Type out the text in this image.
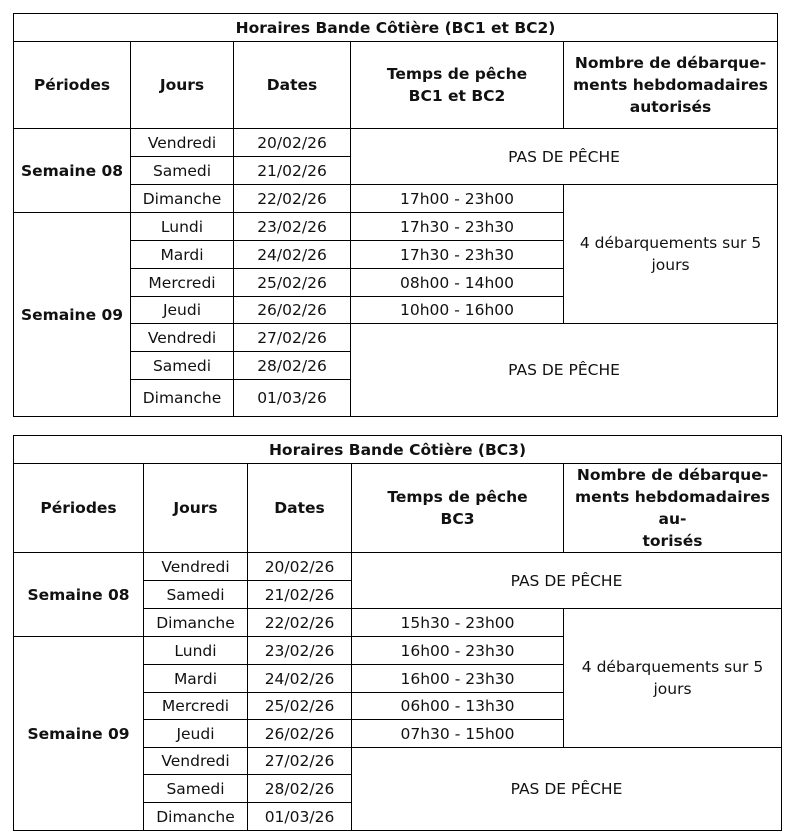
Horaires Bande Côtière (BC1 et BC2)				
Périodes	Jours	Dates	Temps de pêche
BC1 et BC2	Nombre de débarque-
ments hebdomadaires
autorisés
Semaine 08	Vendredi	20/02/26	PAS DE PÊCHE	
	Samedi	21/02/26		
	Dimanche	22/02/26	17h00 - 23h00	4 débarquements sur 5
jours
Semaine 09	Lundi	23/02/26	17h30 - 23h30	
	Mardi	24/02/26	17h30 - 23h30	
	Mercredi	25/02/26	08h00 - 14h00	
	Jeudi	26/02/26	10h00 - 16h00	
	Vendredi	27/02/26	PAS DE PÊCHE	
	Samedi	28/02/26		
	Dimanche	01/03/26		
Horaires Bande Côtière (BC3)				
Périodes	Jours	Dates	Temps de pêche
BC3	Nombre de débarque-
ments hebdomadaires au-
torisés
Semaine 08	Vendredi	20/02/26	PAS DE PÊCHE	
	Samedi	21/02/26		
	Dimanche	22/02/26	15h30 - 23h00	4 débarquements sur 5
jours
Semaine 09	Lundi	23/02/26	16h00 - 23h30	
	Mardi	24/02/26	16h00 - 23h30	
	Mercredi	25/02/26	06h00 - 13h30	
	Jeudi	26/02/26	07h30 - 15h00	
	Vendredi	27/02/26	PAS DE PÊCHE	
	Samedi	28/02/26		
	Dimanche	01/03/26		
